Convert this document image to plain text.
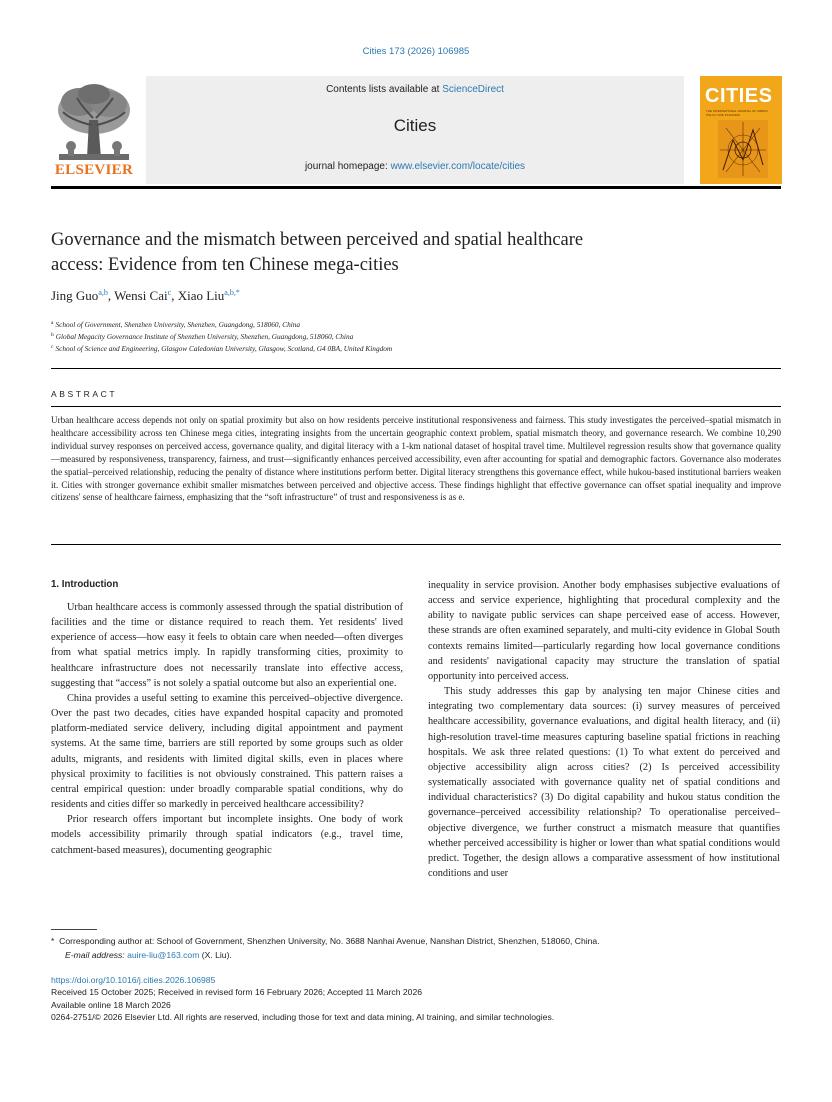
Cities 173 (2026) 106985
ELSEVIER
Contents lists available at ScienceDirect
Cities
journal homepage: www.elsevier.com/locate/cities
CITIES
THE INTERNATIONAL JOURNAL OF URBAN POLICY AND PLANNING
Governance and the mismatch between perceived and spatial healthcare
access: Evidence from ten Chinese mega-cities
Jing Guo$^{a,b}$, Wensi Cai$^c$, Xiao Liu$^{a,b,*}$
$^a$ School of Government, Shenzhen University, Shenzhen, Guangdong, 518060, China
$^b$ Global Megacity Governance Institute of Shenzhen University, Shenzhen, Guangdong, 518060, China
$^c$ School of Science and Engineering, Glasgow Caledonian University, Glasgow, Scotland, G4 0BA, United Kingdom
ABSTRACT
Urban healthcare access depends not only on spatial proximity but also on how residents perceive institutional responsiveness and fairness. This study investigates the perceived–spatial mismatch in healthcare accessibility across ten Chinese mega cities, integrating insights from the uncertain geographic context problem, spatial mismatch theory, and governance research. We combine 10,290 individual survey responses on perceived access, governance quality, and digital literacy with a 1-km national dataset of hospital travel time. Multilevel regression results show that governance quality—measured by responsiveness, transparency, fairness, and trust—significantly enhances perceived accessibility, even after accounting for spatial and demographic factors. Governance also moderates the spatial–perceived relationship, reducing the penalty of distance where institutions perform better. Digital literacy strengthens this governance effect, while hukou-based institutional barriers weaken it. Cities with stronger governance exhibit smaller mismatches between perceived and objective access. These findings highlight that effective governance can offset spatial inequality and improve citizens' sense of healthcare fairness, emphasizing that the “soft infrastructure” of trust and responsiveness is as e.
1. Introduction

Urban healthcare access is commonly assessed through the spatial distribution of facilities and the time or distance required to reach them. Yet residents' lived experience of access—how easy it feels to obtain care when needed—often diverges from what spatial metrics imply. In rapidly transforming cities, proximity to healthcare infrastructure does not necessarily translate into effective access, suggesting that “access” is not solely a spatial outcome but also an experiential one.

China provides a useful setting to examine this perceived–objective divergence. Over the past two decades, cities have expanded hospital capacity and promoted platform-mediated service delivery, including digital appointment and payment systems. At the same time, barriers are still reported by some groups such as older adults, migrants, and residents with limited digital skills, even in places where physical proximity to facilities is not obviously constrained. This pattern raises a central empirical question: under broadly comparable spatial conditions, why do residents and cities differ so markedly in perceived healthcare accessibility?

Prior research offers important but incomplete insights. One body of work models accessibility primarily through spatial indicators (e.g., travel time, catchment-based measures), documenting geographic

inequality in service provision. Another body emphasises subjective evaluations of access and service experience, highlighting that procedural complexity and the ability to navigate public services can shape perceived ease of access. However, these strands are often examined separately, and multi-city evidence in Global South contexts remains limited—particularly regarding how local governance conditions and residents' navigational capacity may structure the translation of spatial opportunity into perceived access.

This study addresses this gap by analysing ten major Chinese cities and integrating two complementary data sources: (i) survey measures of perceived healthcare accessibility, governance evaluations, and digital health literacy, and (ii) high-resolution travel-time measures capturing baseline spatial frictions in reaching hospitals. We ask three related questions: (1) To what extent do perceived and objective accessibility align across cities? (2) Is perceived accessibility systematically associated with governance quality net of spatial conditions and individual characteristics? (3) Do digital capability and hukou status condition the governance–perceived accessibility relationship? To operationalise perceived–objective divergence, we further construct a mismatch measure that quantifies whether perceived accessibility is higher or lower than what spatial conditions would predict. Together, the design allows a comparative assessment of how institutional conditions and user

* Corresponding author at: School of Government, Shenzhen University, No. 3688 Nanhai Avenue, Nanshan District, Shenzhen, 518060, China.
E-mail address: auire-liu@163.com (X. Liu).
https://doi.org/10.1016/j.cities.2026.106985
Received 15 October 2025; Received in revised form 16 February 2026; Accepted 11 March 2026
Available online 18 March 2026
0264-2751/© 2026 Elsevier Ltd. All rights are reserved, including those for text and data mining, AI training, and similar technologies.
